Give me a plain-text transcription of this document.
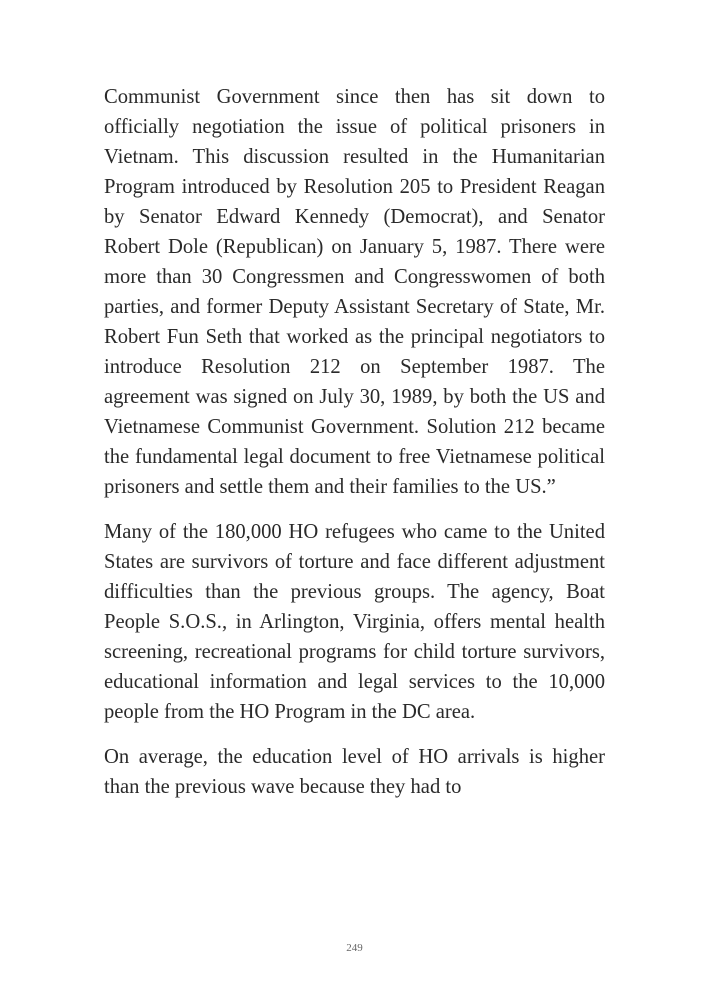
Communist Government since then has sit down to officially negotiation the issue of political prisoners in Vietnam. This discussion resulted in the Humanitarian Program introduced by Resolution 205 to President Reagan by Senator Edward Kennedy (Democrat), and Senator Robert Dole (Republican) on January 5, 1987. There were more than 30 Congressmen and Congresswomen of both parties, and former Deputy Assistant Secretary of State, Mr. Robert Fun Seth that worked as the principal negotiators to introduce Resolution 212 on September 1987. The agreement was signed on July 30, 1989, by both the US and Vietnamese Communist Government. Solution 212 became the fundamental legal document to free Vietnamese political prisoners and settle them and their families to the US.”

Many of the 180,000 HO refugees who came to the United States are survivors of torture and face different adjustment difficulties than the previous groups. The agency, Boat People S.O.S., in Arlington, Virginia, offers mental health screening, recreational programs for child torture survivors, educational information and legal services to the 10,000 people from the HO Program in the DC area.

On average, the education level of HO arrivals is higher than the previous wave because they had to

249
